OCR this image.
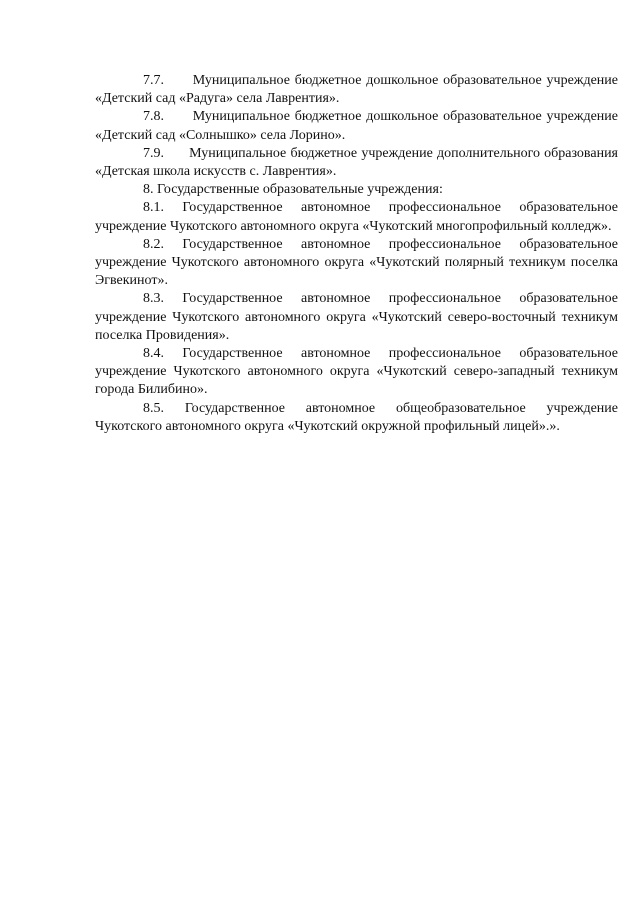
7.7.      Муниципальное бюджетное дошкольное образовательное учреждение «Детский сад «Радуга» села Лаврентия».

7.8.      Муниципальное бюджетное дошкольное образовательное учреждение «Детский сад «Солнышко» села Лорино».

7.9.      Муниципальное бюджетное учреждение дополнительного образования «Детская школа искусств с. Лаврентия».

8. Государственные образовательные учреждения:

8.1. Государственное автономное профессиональное образовательное учреждение Чукотского автономного округа «Чукотский многопрофильный колледж».

8.2. Государственное автономное профессиональное образовательное учреждение Чукотского автономного округа «Чукотский полярный техникум поселка Эгвекинот».

8.3. Государственное автономное профессиональное образовательное учреждение Чукотского автономного округа «Чукотский северо-восточный техникум поселка Провидения».

8.4. Государственное автономное профессиональное образовательное учреждение Чукотского автономного округа «Чукотский северо-западный техникум города Билибино».

8.5. Государственное автономное общеобразовательное учреждение Чукотского автономного округа «Чукотский окружной профильный лицей».».
